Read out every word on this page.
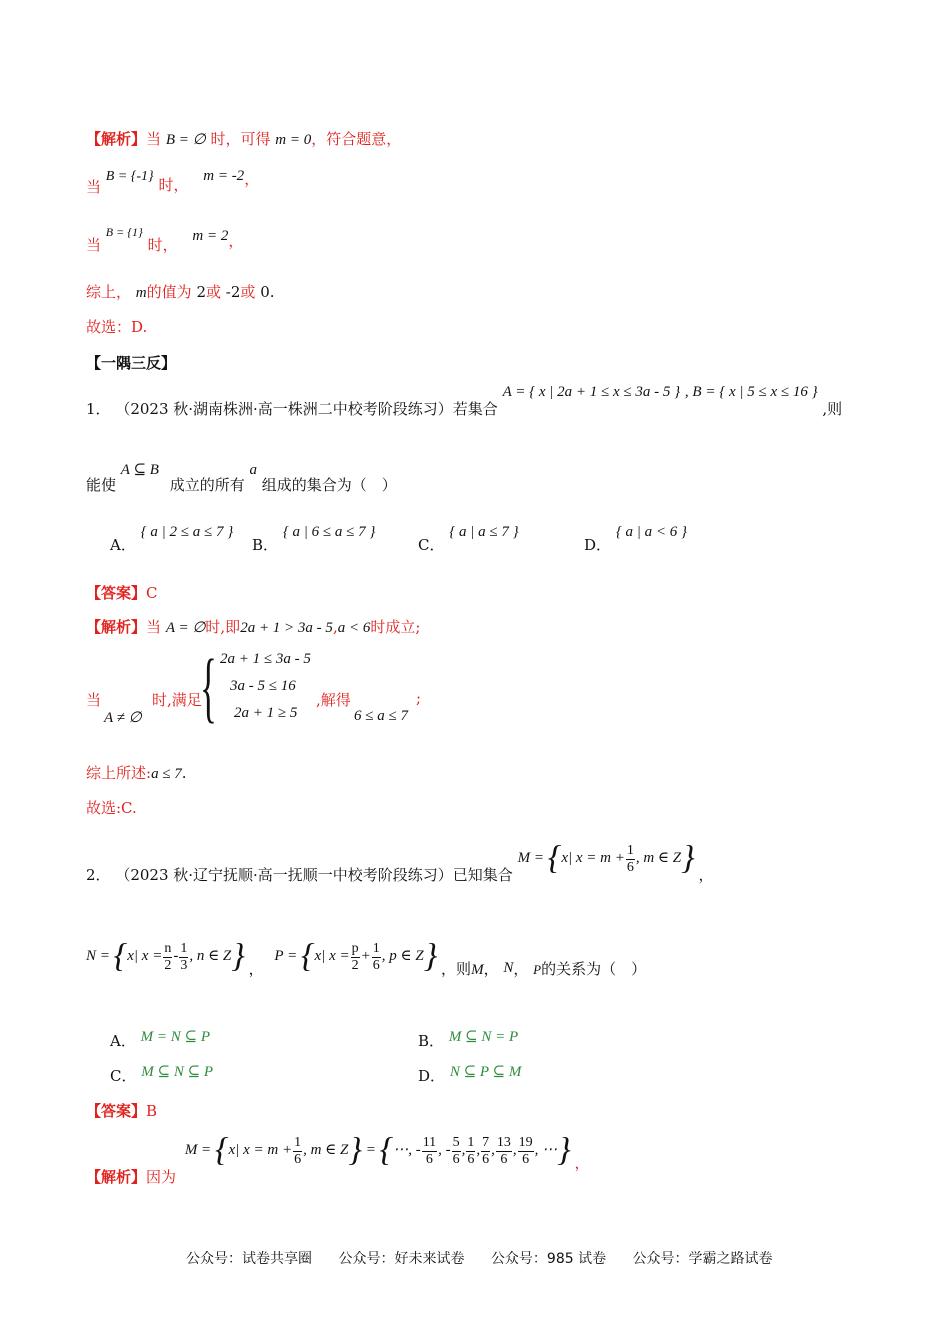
【解析】当 B = ∅ 时，可得 m = 0，符合题意，
当 B = {-1} 时， m = -2，
当 B = {1} 时， m = 2，
综上， m的值为 2或 -2或 0.
故选：D.
【一隅三反】
1． （2023 秋·湖南株洲·高一株洲二中校考阶段练习）若集合 A = { x | 2a + 1 ≤ x ≤ 3a - 5 } , B = { x | 5 ≤ x ≤ 16 } ,则
能使 A ⊆ B 成立的所有 a 组成的集合为（　）
A． { a | 2 ≤ a ≤ 7 }
B． { a | 6 ≤ a ≤ 7 }
C． { a | a ≤ 7 }
D． { a | a < 6 }
【答案】C
【解析】当 A = ∅时,即2a + 1 > 3a - 5,a < 6时成立;
当
A ≠ ∅
时,满足
{ 2a + 1 ≤ 3a - 5
3a - 5 ≤ 16
2a + 1 ≥ 5
,解得
6 ≤ a ≤ 7
;
综上所述:a ≤ 7.
故选:C.
2． （2023 秋·辽宁抚顺·高一抚顺一中校考阶段练习）已知集合 M = {x| $x = m + \frac{1}{6}$ , m ∈ Z} ，
N = {x| $x = \frac{n}{2} - \frac{1}{3}$ , n ∈ Z} ， P = {x| $x = \frac{p}{2} + \frac{1}{6}$ , p ∈ Z} ，则M， N， P的关系为（　）
A． M = N ⊆ P	B． M ⊆ N = P
C． M ⊆ N ⊆ P	D． N ⊆ P ⊆ M
【答案】B
【解析】因为 M = {x| $x = m + \frac{1}{6}$ , m ∈ Z} = {⋯, - $\frac{11}{6}$ , - $\frac{5}{6}$ , $\frac{1}{6}$ , $\frac{7}{6}$ , $\frac{13}{6}$ , $\frac{19}{6}$ , ⋯} ，
公众号：试卷共享圈 公众号：好未来试卷 公众号：985 试卷 公众号：学霸之路试卷
